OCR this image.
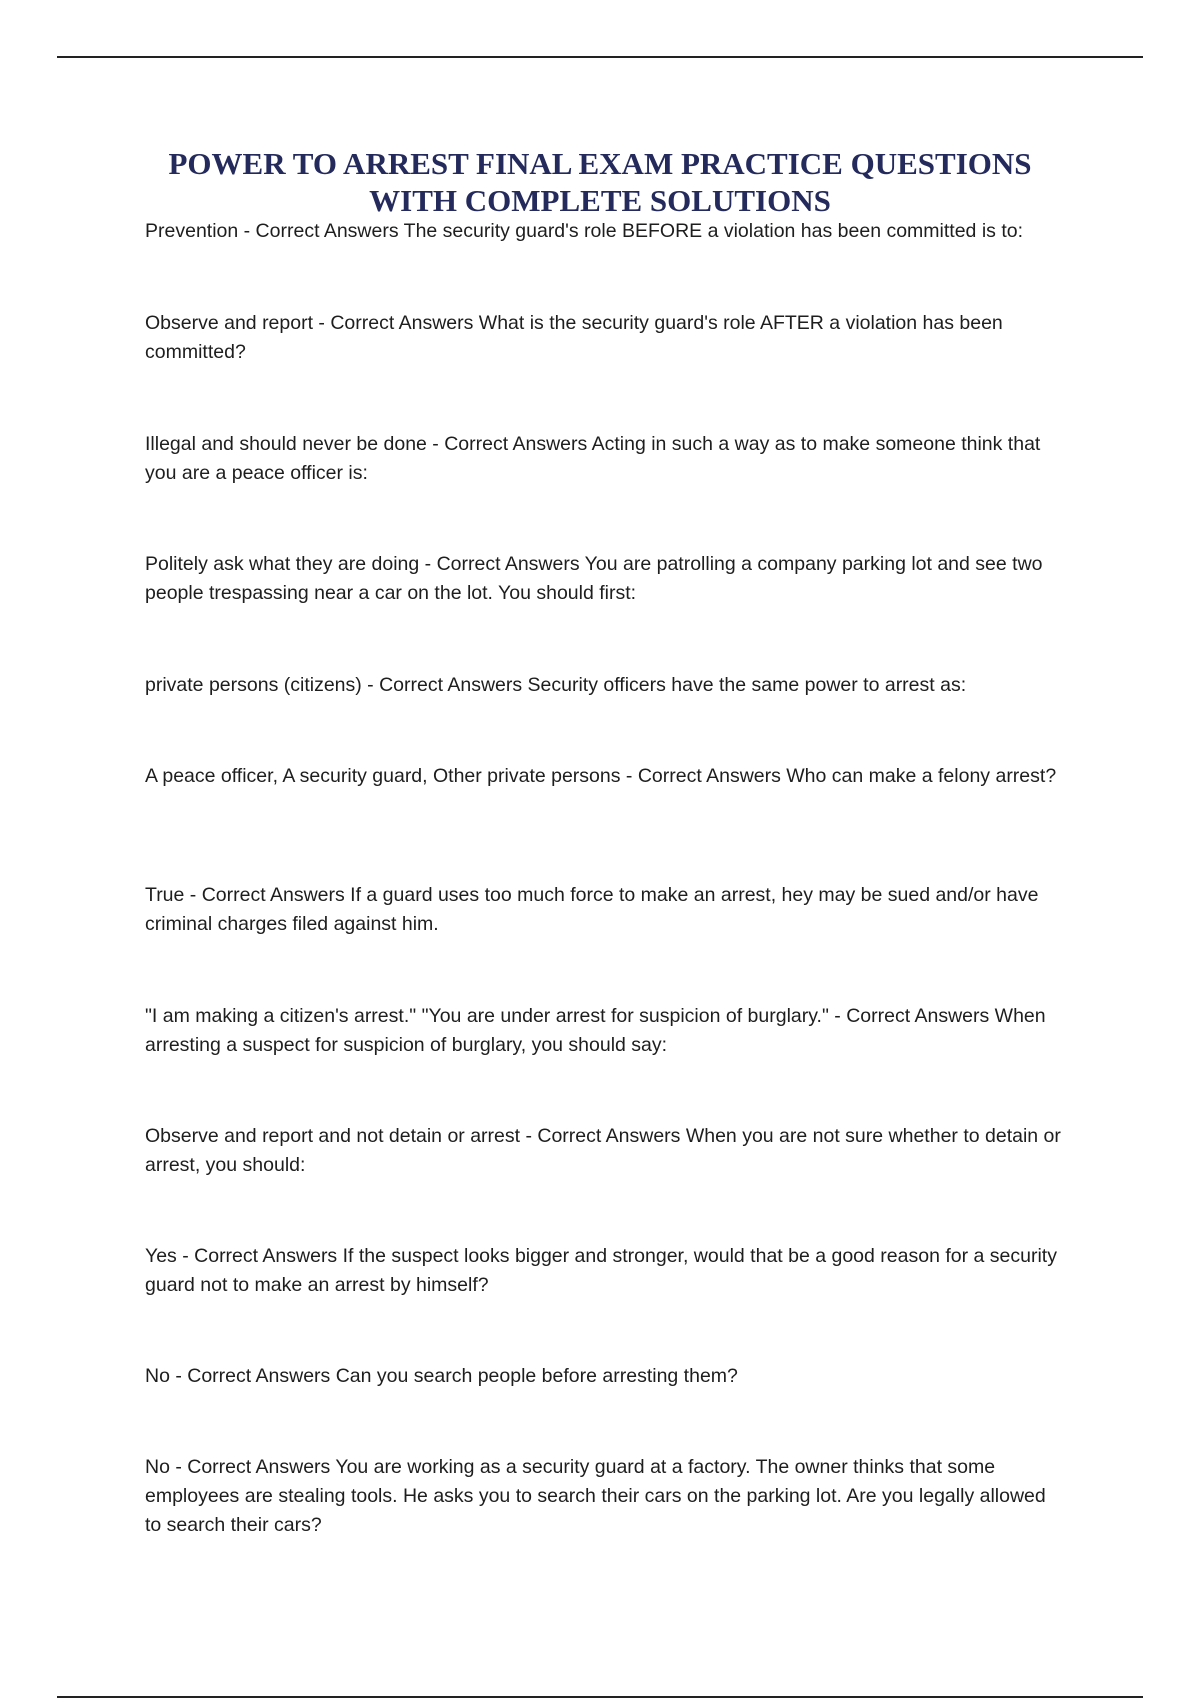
POWER TO ARREST FINAL EXAM PRACTICE QUESTIONS WITH COMPLETE SOLUTIONS
Prevention - Correct Answers The security guard's role BEFORE a violation has been committed is to:
Observe and report - Correct Answers What is the security guard's role AFTER a violation has been committed?
Illegal and should never be done - Correct Answers Acting in such a way as to make someone think that you are a peace officer is:
Politely ask what they are doing - Correct Answers You are patrolling a company parking lot and see two people trespassing near a car on the lot. You should first:
private persons (citizens) - Correct Answers Security officers have the same power to arrest as:
A peace officer, A security guard, Other private persons - Correct Answers Who can make a felony arrest?
True - Correct Answers If a guard uses too much force to make an arrest, hey may be sued and/or have criminal charges filed against him.
"I am making a citizen's arrest." "You are under arrest for suspicion of burglary." - Correct Answers When arresting a suspect for suspicion of burglary, you should say:
Observe and report and not detain or arrest - Correct Answers When you are not sure whether to detain or arrest, you should:
Yes - Correct Answers If the suspect looks bigger and stronger, would that be a good reason for a security guard not to make an arrest by himself?
No - Correct Answers Can you search people before arresting them?
No - Correct Answers You are working as a security guard at a factory. The owner thinks that some employees are stealing tools. He asks you to search their cars on the parking lot. Are you legally allowed to search their cars?
